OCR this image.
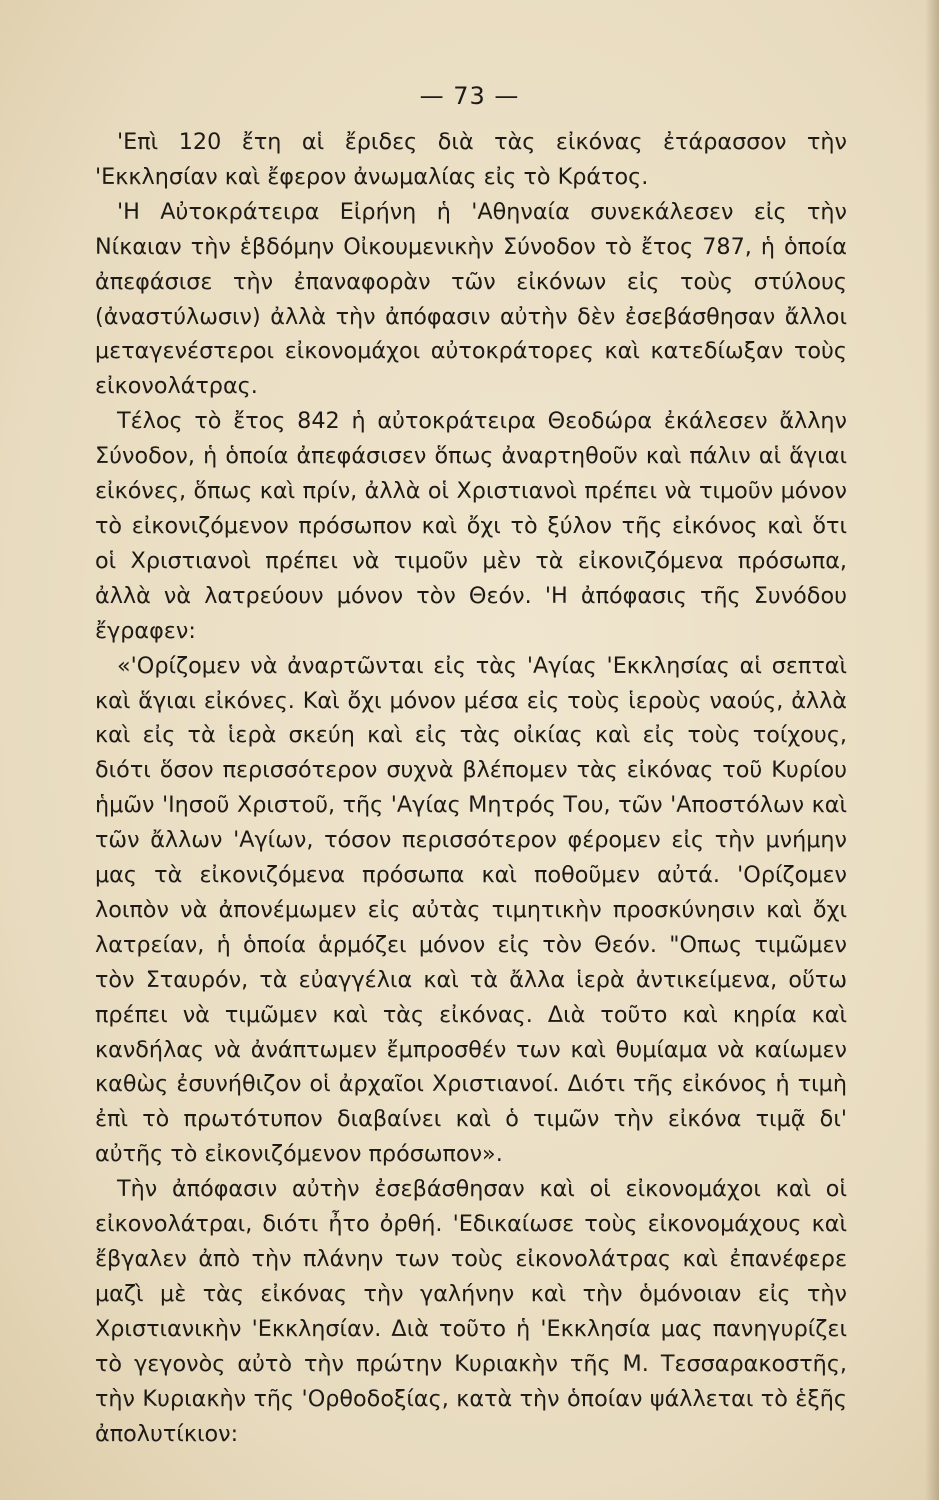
— 73 —

'Επὶ 120 ἔτη αἱ ἔριδες διὰ τὰς εἰκόνας ἐτάρασσον τὴν 'Εκκλησίαν καὶ ἔφερον ἀνωμαλίας εἰς τὸ Κράτος.

'Η Αὐτοκράτειρα Εἰρήνη ἡ 'Αθηναία συνεκάλεσεν εἰς τὴν Νίκαιαν τὴν ἑβδόμην Οἰκουμενικὴν Σύνοδον τὸ ἔτος 787, ἡ ὁποία ἀπεφάσισε τὴν ἐπαναφορὰν τῶν εἰκόνων εἰς τοὺς στύλους (ἀναστύλωσιν) ἀλλὰ τὴν ἀπόφασιν αὐτὴν δὲν ἐσεβάσθησαν ἄλλοι μεταγενέστεροι εἰκονομάχοι αὐτοκράτορες καὶ κατεδίωξαν τοὺς εἰκονολάτρας.

Τέλος τὸ ἔτος 842 ἡ αὐτοκράτειρα Θεοδώρα ἐκάλεσεν ἄλλην Σύνοδον, ἡ ὁποία ἀπεφάσισεν ὅπως ἀναρτηθοῦν καὶ πάλιν αἱ ἅγιαι εἰκόνες, ὅπως καὶ πρίν, ἀλλὰ οἱ Χριστιανοὶ πρέπει νὰ τιμοῦν μόνον τὸ εἰκονιζόμενον πρόσωπον καὶ ὄχι τὸ ξύλον τῆς εἰκόνος καὶ ὅτι οἱ Χριστιανοὶ πρέπει νὰ τιμοῦν μὲν τὰ εἰκονιζόμενα πρόσωπα, ἀλλὰ νὰ λατρεύουν μόνον τὸν Θεόν. 'Η ἀπόφασις τῆς Συνόδου ἔγραφεν:

«'Ορίζομεν νὰ ἀναρτῶνται εἰς τὰς 'Αγίας 'Εκκλησίας αἱ σεπταὶ καὶ ἅγιαι εἰκόνες. Καὶ ὄχι μόνον μέσα εἰς τοὺς ἱεροὺς ναούς, ἀλλὰ καὶ εἰς τὰ ἱερὰ σκεύη καὶ εἰς τὰς οἰκίας καὶ εἰς τοὺς τοίχους, διότι ὅσον περισσότερον συχνὰ βλέπομεν τὰς εἰκόνας τοῦ Κυρίου ἡμῶν 'Ιησοῦ Χριστοῦ, τῆς 'Αγίας Μητρός Του, τῶν 'Αποστόλων καὶ τῶν ἄλλων 'Αγίων, τόσον περισσότερον φέρομεν εἰς τὴν μνήμην μας τὰ εἰκονιζόμενα πρόσωπα καὶ ποθοῦμεν αὐτά. 'Ορίζομεν λοιπὸν νὰ ἀπονέμωμεν εἰς αὐτὰς τιμητικὴν προσκύνησιν καὶ ὄχι λατρείαν, ἡ ὁποία ἁρμόζει μόνον εἰς τὸν Θεόν. "Οπως τιμῶμεν τὸν Σταυρόν, τὰ εὐαγγέλια καὶ τὰ ἄλλα ἱερὰ ἀντικείμενα, οὕτω πρέπει νὰ τιμῶμεν καὶ τὰς εἰκόνας. Διὰ τοῦτο καὶ κηρία καὶ κανδήλας νὰ ἀνάπτωμεν ἔμπροσθέν των καὶ θυμίαμα νὰ καίωμεν καθὼς ἐσυνήθιζον οἱ ἀρχαῖοι Χριστιανοί. Διότι τῆς εἰκόνος ἡ τιμὴ ἐπὶ τὸ πρωτότυπον διαβαίνει καὶ ὁ τιμῶν τὴν εἰκόνα τιμᾷ δι' αὐτῆς τὸ εἰκονιζόμενον πρόσωπον».

Τὴν ἀπόφασιν αὐτὴν ἐσεβάσθησαν καὶ οἱ εἰκονομάχοι καὶ οἱ εἰκονολάτραι, διότι ἦτο ὀρθή. 'Εδικαίωσε τοὺς εἰκονομάχους καὶ ἔβγαλεν ἀπὸ τὴν πλάνην των τοὺς εἰκονολάτρας καὶ ἐπανέφερε μαζὶ μὲ τὰς εἰκόνας τὴν γαλήνην καὶ τὴν ὁμόνοιαν εἰς τὴν Χριστιανικὴν 'Εκκλησίαν. Διὰ τοῦτο ἡ 'Εκκλησία μας πανηγυρίζει τὸ γεγονὸς αὐτὸ τὴν πρώτην Κυριακὴν τῆς Μ. Τεσσαρακοστῆς, τὴν Κυριακὴν τῆς 'Ορθοδοξίας, κατὰ τὴν ὁποίαν ψάλλεται τὸ ἑξῆς ἀπολυτίκιον:
